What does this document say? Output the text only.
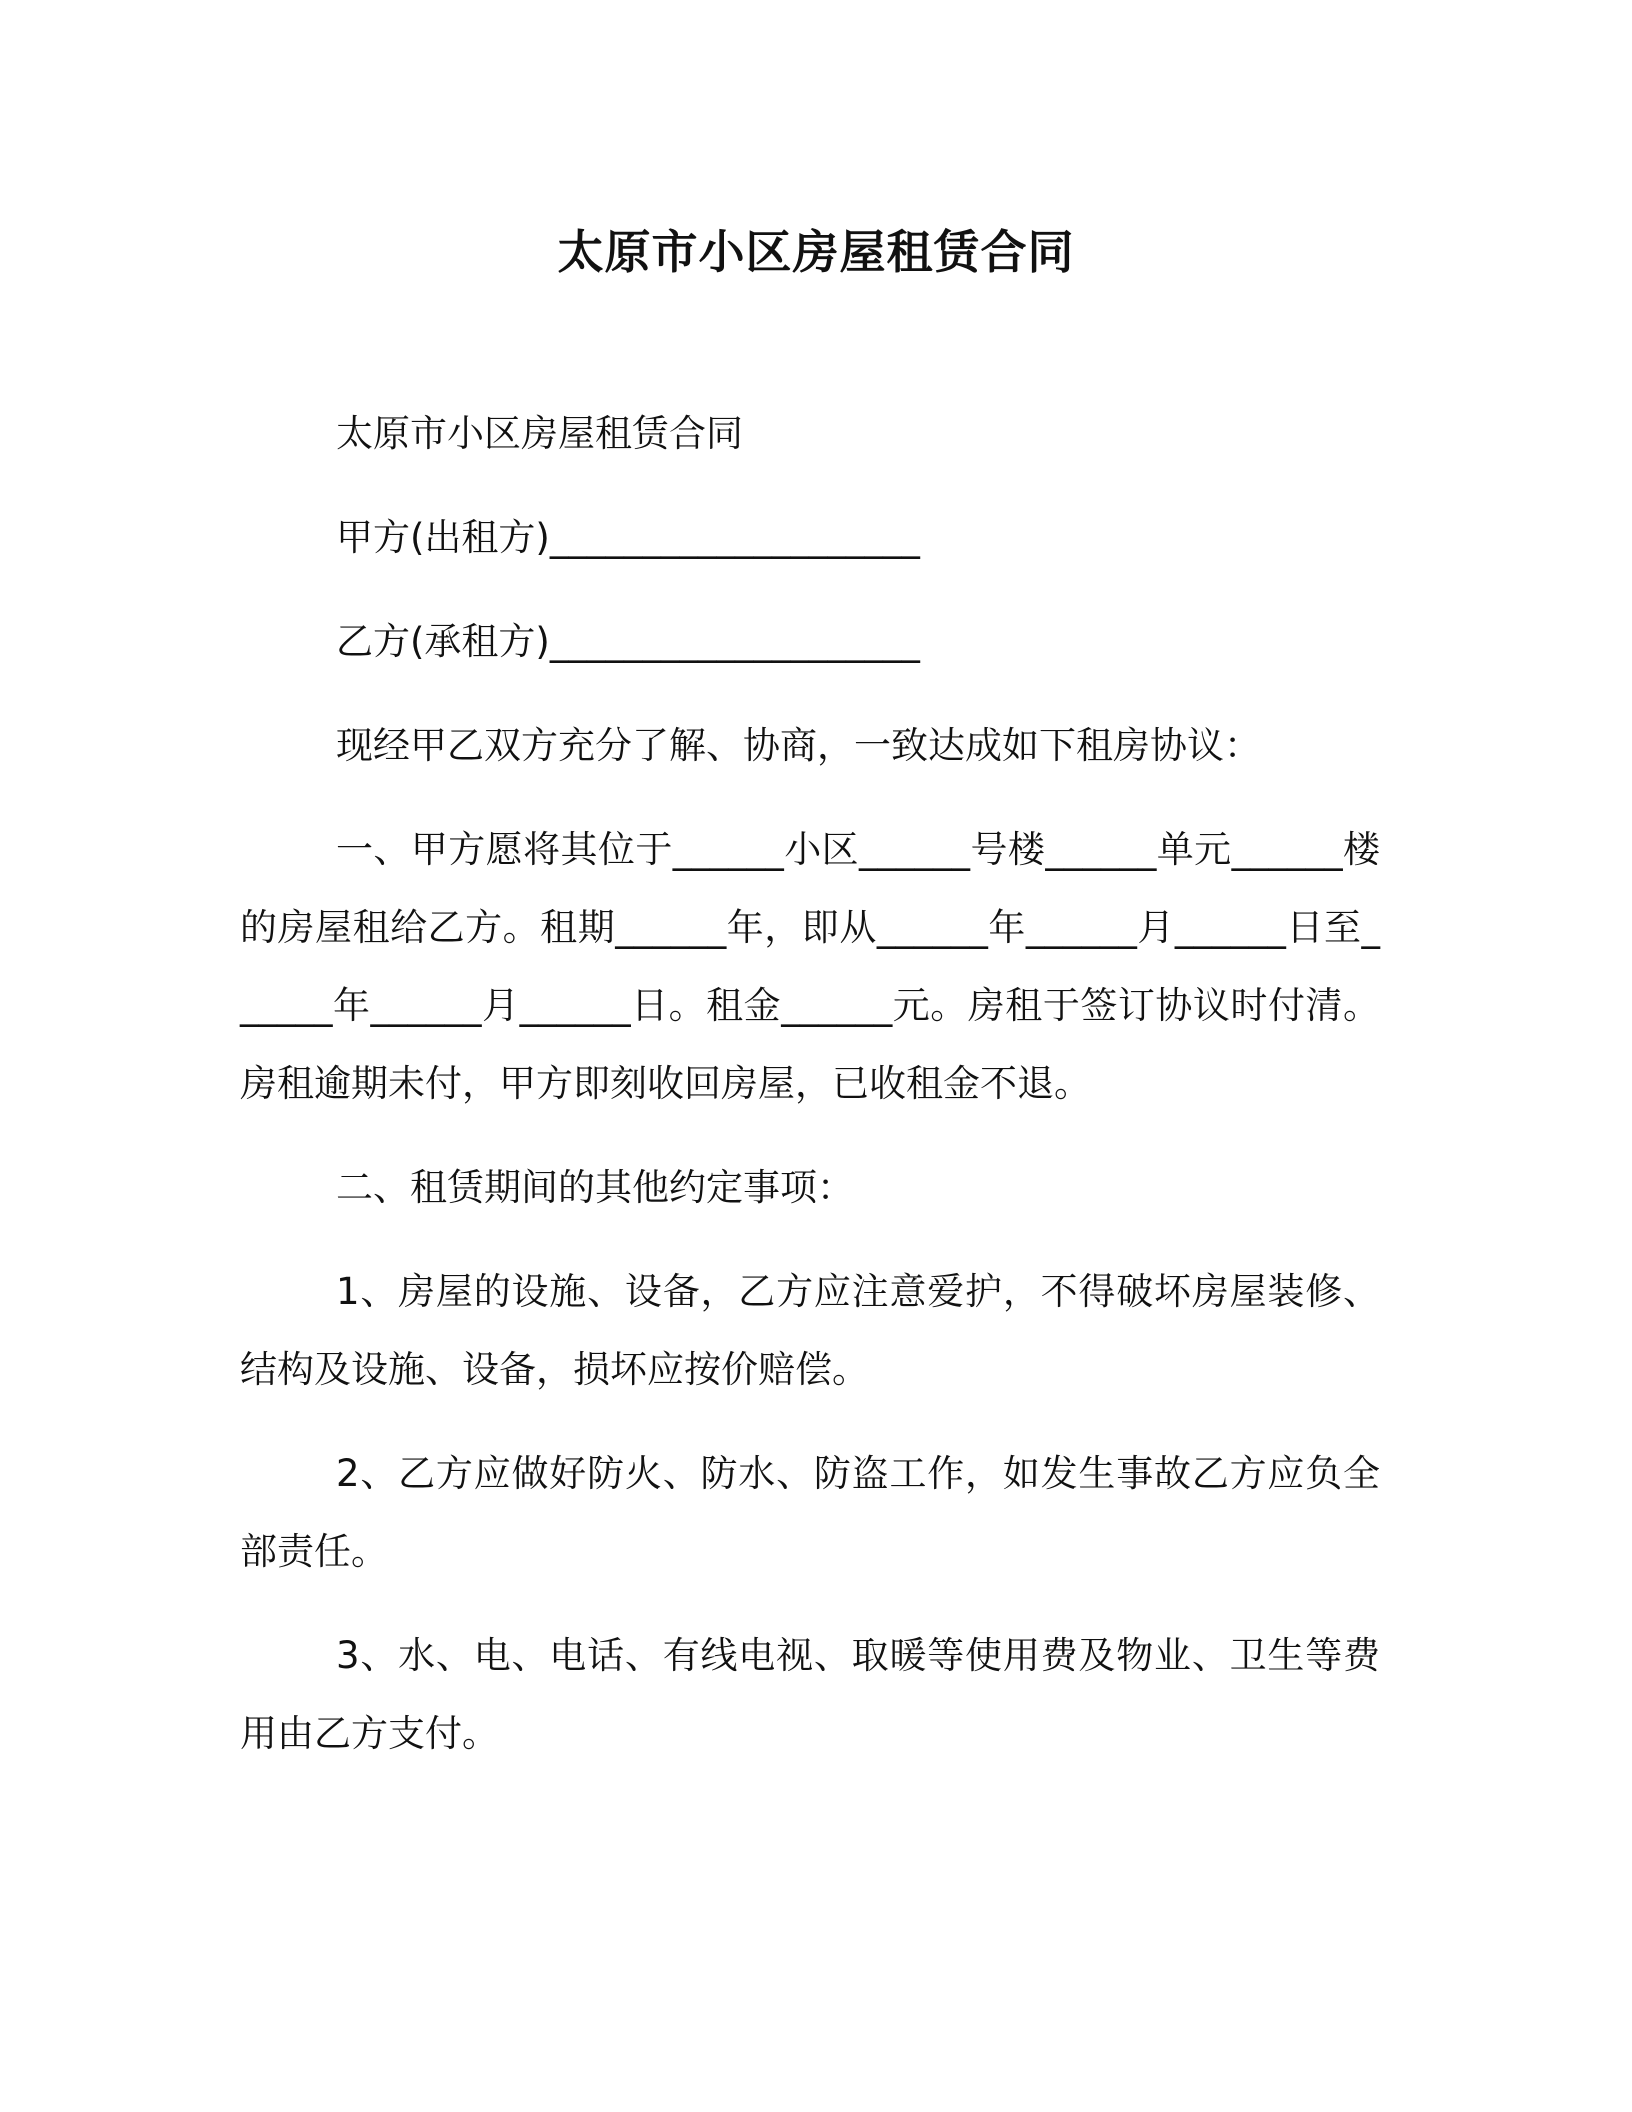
太原市小区房屋租赁合同

太原市小区房屋租赁合同

甲方(出租方)____________________

乙方(承租方)____________________

现经甲乙双方充分了解、协商，一致达成如下租房协议：

一、甲方愿将其位于______小区______号楼______单元______楼的房屋租给乙方。租期______年，即从______年______月______日至______年______月______日。租金______元。房租于签订协议时付清。房租逾期未付，甲方即刻收回房屋，已收租金不退。

二、租赁期间的其他约定事项：

1、房屋的设施、设备，乙方应注意爱护，不得破坏房屋装修、结构及设施、设备，损坏应按价赔偿。

2、乙方应做好防火、防水、防盗工作，如发生事故乙方应负全部责任。

3、水、电、电话、有线电视、取暖等使用费及物业、卫生等费用由乙方支付。
